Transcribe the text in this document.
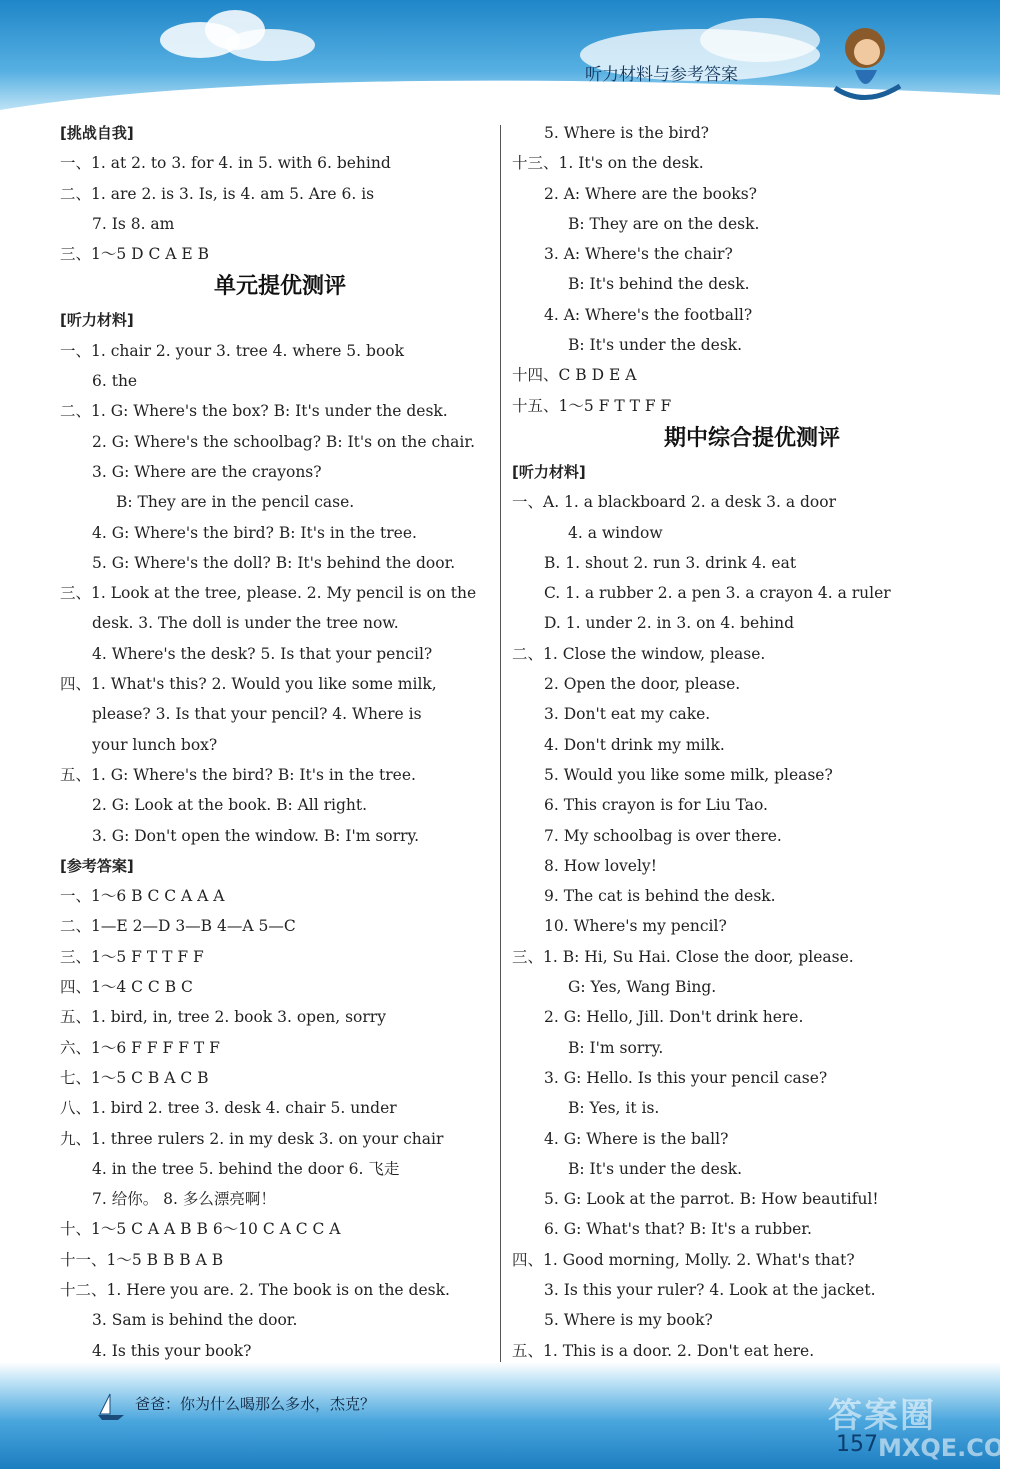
听力材料与参考答案
[挑战自我]
一、1. at 2. to 3. for 4. in 5. with 6. behind
二、1. are 2. is 3. Is, is 4. am 5. Are 6. is
7. Is 8. am
三、1～5 D C A E B
单元提优测评
[听力材料]
一、1. chair 2. your 3. tree 4. where 5. book
6. the
二、1. G: Where's the box? B: It's under the desk.
2. G: Where's the schoolbag? B: It's on the chair.
3. G: Where are the crayons?
B: They are in the pencil case.
4. G: Where's the bird? B: It's in the tree.
5. G: Where's the doll? B: It's behind the door.
三、1. Look at the tree, please. 2. My pencil is on the
desk. 3. The doll is under the tree now.
4. Where's the desk? 5. Is that your pencil?
四、1. What's this? 2. Would you like some milk,
please? 3. Is that your pencil? 4. Where is
your lunch box?
五、1. G: Where's the bird? B: It's in the tree.
2. G: Look at the book. B: All right.
3. G: Don't open the window. B: I'm sorry.
[参考答案]
一、1～6 B C C A A A
二、1—E 2—D 3—B 4—A 5—C
三、1～5 F T T F F
四、1～4 C C B C
五、1. bird, in, tree 2. book 3. open, sorry
六、1～6 F F F F T F
七、1～5 C B A C B
八、1. bird 2. tree 3. desk 4. chair 5. under
九、1. three rulers 2. in my desk 3. on your chair
4. in the tree 5. behind the door 6. 飞走
7. 给你。 8. 多么漂亮啊！
十、1～5 C A A B B 6～10 C A C C A
十一、1～5 B B B A B
十二、1. Here you are. 2. The book is on the desk.
3. Sam is behind the door.
4. Is this your book?
5. Where is the bird?
十三、1. It's on the desk.
2. A: Where are the books?
B: They are on the desk.
3. A: Where's the chair?
B: It's behind the desk.
4. A: Where's the football?
B: It's under the desk.
十四、C B D E A
十五、1～5 F T T F F
期中综合提优测评
[听力材料]
一、A. 1. a blackboard 2. a desk 3. a door
4. a window
B. 1. shout 2. run 3. drink 4. eat
C. 1. a rubber 2. a pen 3. a crayon 4. a ruler
D. 1. under 2. in 3. on 4. behind
二、1. Close the window, please.
2. Open the door, please.
3. Don't eat my cake.
4. Don't drink my milk.
5. Would you like some milk, please?
6. This crayon is for Liu Tao.
7. My schoolbag is over there.
8. How lovely!
9. The cat is behind the desk.
10. Where's my pencil?
三、1. B: Hi, Su Hai. Close the door, please.
G: Yes, Wang Bing.
2. G: Hello, Jill. Don't drink here.
B: I'm sorry.
3. G: Hello. Is this your pencil case?
B: Yes, it is.
4. G: Where is the ball?
B: It's under the desk.
5. G: Look at the parrot. B: How beautiful!
6. G: What's that? B: It's a rubber.
四、1. Good morning, Molly. 2. What's that?
3. Is this your ruler? 4. Look at the jacket.
5. Where is my book?
五、1. This is a door. 2. Don't eat here.
爸爸：你为什么喝那么多水，杰克？	答案圈
MXQE.COM
157
